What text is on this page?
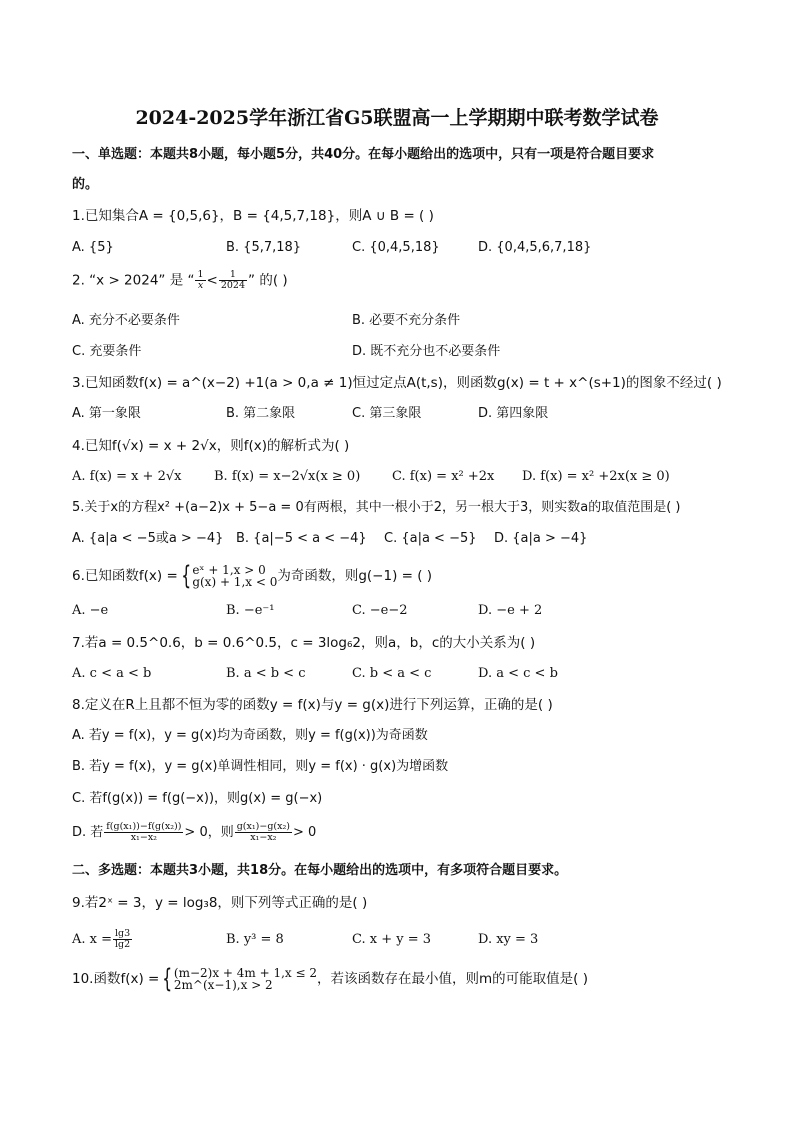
2024-2025学年浙江省G5联盟高一上学期期中联考数学试卷
一、单选题：本题共8小题，每小题5分，共40分。在每小题给出的选项中，只有一项是符合题目要求
的。
1.已知集合A = {0,5,6}，B = {4,5,7,18}，则A ∪ B = ( )
A. {5}	B. {5,7,18}	C. {0,4,5,18}	D. {0,4,5,6,7,18}
2. “x > 2024” 是 “ $\frac{1}{x} < \frac{1}{2024}$ ” 的( )
A. 充分不必要条件	B. 必要不充分条件
C. 充要条件	D. 既不充分也不必要条件
3.已知函数f(x) = a^(x−2) +1(a > 0,a ≠ 1)恒过定点A(t,s)，则函数g(x) = t + x^(s+1)的图象不经过( )
A. 第一象限	B. 第二象限	C. 第三象限	D. 第四象限
4.已知f(√x) = x + 2√x，则f(x)的解析式为( )
A. f(x) = x + 2√x	B. f(x) = x−2√x(x ≥ 0) C. f(x) = x² +2x D. f(x) = x² +2x(x ≥ 0)
5.关于x的方程x² +(a−2)x + 5−a = 0有两根，其中一根小于2，另一根大于3，则实数a的取值范围是( )
A. {a|a < −5或a > −4} B. {a|−5 < a < −4} C. {a|a < −5} D. {a|a > −4}
6.已知函数f(x) = { eˣ + 1,x > 0
g(x) + 1,x < 0 为奇函数，则g(−1) = ( )
A. −e	B. −e⁻¹	C. −e−2	D. −e + 2
7.若a = 0.5^0.6，b = 0.6^0.5，c = 3log₆2，则a，b，c的大小关系为( )
A. c < a < b	B. a < b < c	C. b < a < c	D. a < c < b
8.定义在R上且都不恒为零的函数y = f(x)与y = g(x)进行下列运算，正确的是( )
A. 若y = f(x)，y = g(x)均为奇函数，则y = f(g(x))为奇函数
B. 若y = f(x)，y = g(x)单调性相同，则y = f(x) · g(x)为增函数
C. 若f(g(x)) = f(g(−x))，则g(x) = g(−x)
D. 若 $\frac{\text{f(g(x₁))−f(g(x₂))}}{\text{x₁−x₂}} > 0$，则 $\frac{\text{g(x₁)−g(x₂)}}{\text{x₁−x₂}} > 0$
二、多选题：本题共3小题，共18分。在每小题给出的选项中，有多项符合题目要求。
9.若2ˣ = 3，y = log₃8，则下列等式正确的是( )
A. $x = \frac{\lg 3}{\lg 2}$	B. y³ = 8	C. x + y = 3	D. xy = 3
10.函数f(x) = { (m−2)x + 4m + 1,x ≤ 2
2m^(x−1),x > 2	，若该函数存在最小值，则m的可能取值是( )
